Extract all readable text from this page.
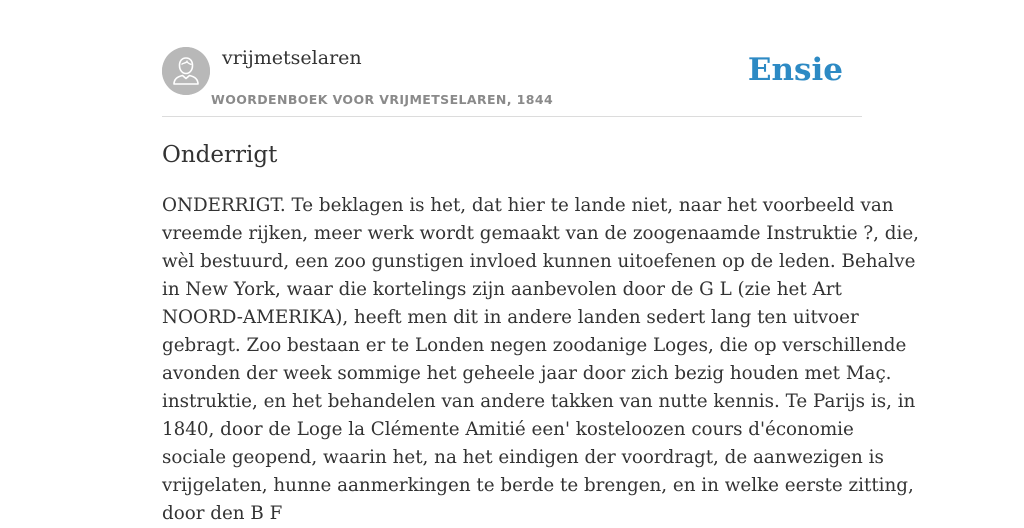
vrijmetselaren
WOORDENBOEK VOOR VRIJMETSELAREN, 1844
Ensie
Onderrigt

ONDERRIGT. Te beklagen is het, dat hier te lande niet, naar het voorbeeld van
vreemde rijken, meer werk wordt gemaakt van de zoogenaamde Instruktie ?, die,
wèl bestuurd, een zoo gunstigen invloed kunnen uitoefenen op de leden. Behalve
in New York, waar die kortelings zijn aanbevolen door de G L (zie het Art
NOORD-AMERIKA), heeft men dit in andere landen sedert lang ten uitvoer
gebragt. Zoo bestaan er te Londen negen zoodanige Loges, die op verschillende
avonden der week sommige het geheele jaar door zich bezig houden met Maç.
instruktie, en het behandelen van andere takken van nutte kennis. Te Parijs is, in
1840, door de Loge la Clémente Amitié een' kosteloozen cours d'économie
sociale geopend, waarin het, na het eindigen der voordragt, de aanwezigen is
vrijgelaten, hunne aanmerkingen te berde te brengen, en in welke eerste zitting,
door den B F
